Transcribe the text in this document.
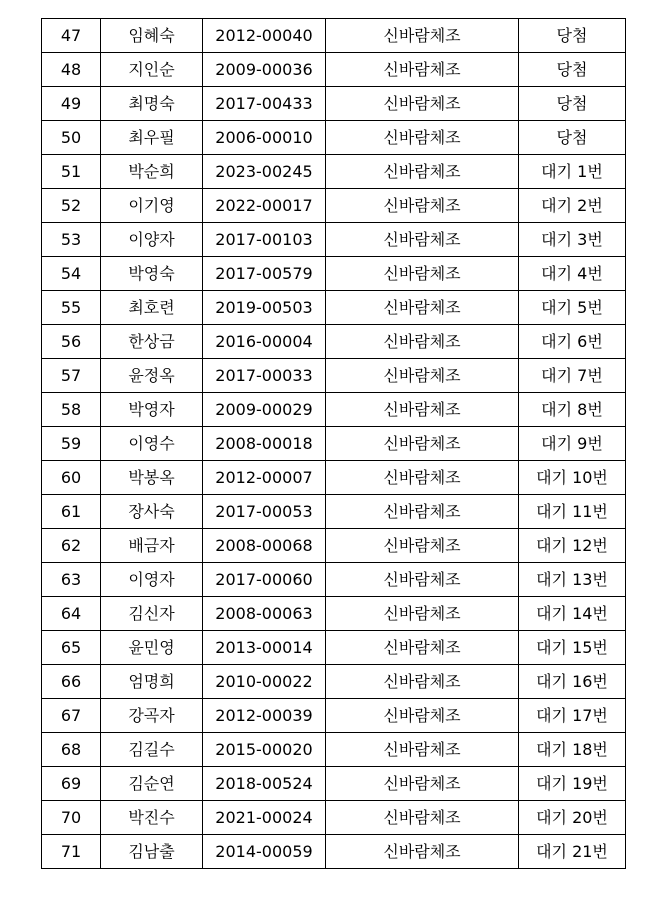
47	임혜숙	2012-00040	신바람체조	당첨
48	지인순	2009-00036	신바람체조	당첨
49	최명숙	2017-00433	신바람체조	당첨
50	최우필	2006-00010	신바람체조	당첨
51	박순희	2023-00245	신바람체조	대기 1번
52	이기영	2022-00017	신바람체조	대기 2번
53	이양자	2017-00103	신바람체조	대기 3번
54	박영숙	2017-00579	신바람체조	대기 4번
55	최호련	2019-00503	신바람체조	대기 5번
56	한상금	2016-00004	신바람체조	대기 6번
57	윤정옥	2017-00033	신바람체조	대기 7번
58	박영자	2009-00029	신바람체조	대기 8번
59	이영수	2008-00018	신바람체조	대기 9번
60	박봉옥	2012-00007	신바람체조	대기 10번
61	장사숙	2017-00053	신바람체조	대기 11번
62	배금자	2008-00068	신바람체조	대기 12번
63	이영자	2017-00060	신바람체조	대기 13번
64	김신자	2008-00063	신바람체조	대기 14번
65	윤민영	2013-00014	신바람체조	대기 15번
66	엄명희	2010-00022	신바람체조	대기 16번
67	강곡자	2012-00039	신바람체조	대기 17번
68	김길수	2015-00020	신바람체조	대기 18번
69	김순연	2018-00524	신바람체조	대기 19번
70	박진수	2021-00024	신바람체조	대기 20번
71	김남출	2014-00059	신바람체조	대기 21번
